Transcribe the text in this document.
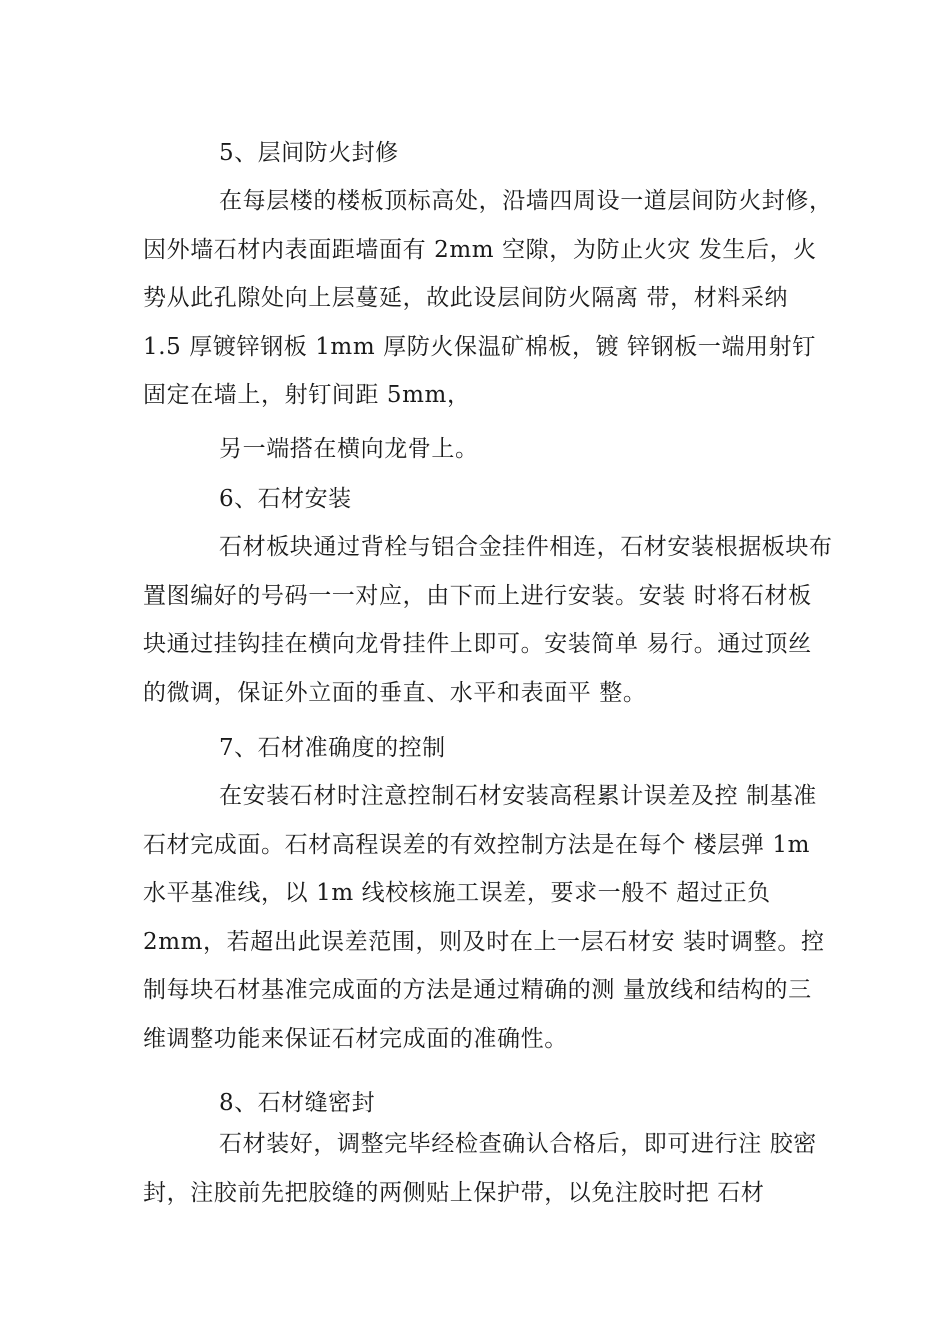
5、层间防火封修

在每层楼的楼板顶标高处，沿墙四周设一道层间防火封修，因外墙石材内表面距墙面有 2mm 空隙，为防止火灾 发生后，火势从此孔隙处向上层蔓延，故此设层间防火隔离 带，材料采纳 1.5 厚镀锌钢板 1mm 厚防火保温矿棉板，镀 锌钢板一端用射钉固定在墙上，射钉间距 5mm，

另一端搭在横向龙骨上。

6、石材安装

石材板块通过背栓与铝合金挂件相连，石材安装根据板块布置图编好的号码一一对应，由下而上进行安装。安装 时将石材板块通过挂钩挂在横向龙骨挂件上即可。安装简单 易行。通过顶丝的微调，保证外立面的垂直、水平和表面平 整。

7、石材准确度的控制

在安装石材时注意控制石材安装高程累计误差及控 制基准石材完成面。石材高程误差的有效控制方法是在每个 楼层弹 1m 水平基准线，以 1m 线校核施工误差，要求一般不 超过正负 2mm，若超出此误差范围，则及时在上一层石材安 装时调整。控制每块石材基准完成面的方法是通过精确的测 量放线和结构的三维调整功能来保证石材完成面的准确性。

8、石材缝密封

石材装好，调整完毕经检查确认合格后，即可进行注 胶密封，注胶前先把胶缝的两侧贴上保护带，以免注胶时把 石材
